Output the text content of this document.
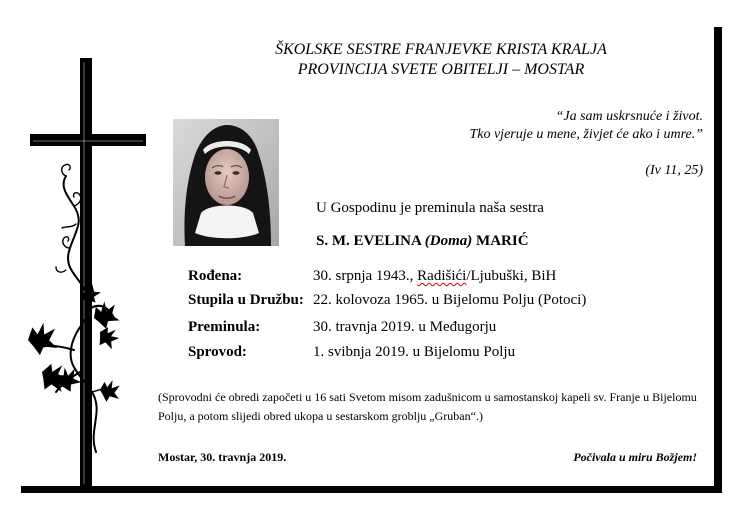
ŠKOLSKE SESTRE FRANJEVKE KRISTA KRALJA
PROVINCIJA SVETE OBITELJI – MOSTAR
“Ja sam uskrsnuće i život.
Tko vjeruje u mene, živjet će ako i umre.”
(Iv 11, 25)
U Gospodinu je preminula naša sestra
S. M. EVELINA (Doma) MARIĆ
Rođena:	30. srpnja 1943., Radišići/Ljubuški, BiH
Stupila u Družbu: 22. kolovoza 1965. u Bijelomu Polju (Potoci)
Preminula:	30. travnja 2019. u Međugorju
Sprovod:	1. svibnja 2019. u Bijelomu Polju
(Sprovodni će obredi započeti u 16 sati Svetom misom zadušnicom u samostanskoj kapeli sv. Franje u Bijelomu
Polju, a potom slijedi obred ukopa u sestarskom groblju „Gruban“.)
Mostar, 30. travnja 2019.	Počivala u miru Božjem!
